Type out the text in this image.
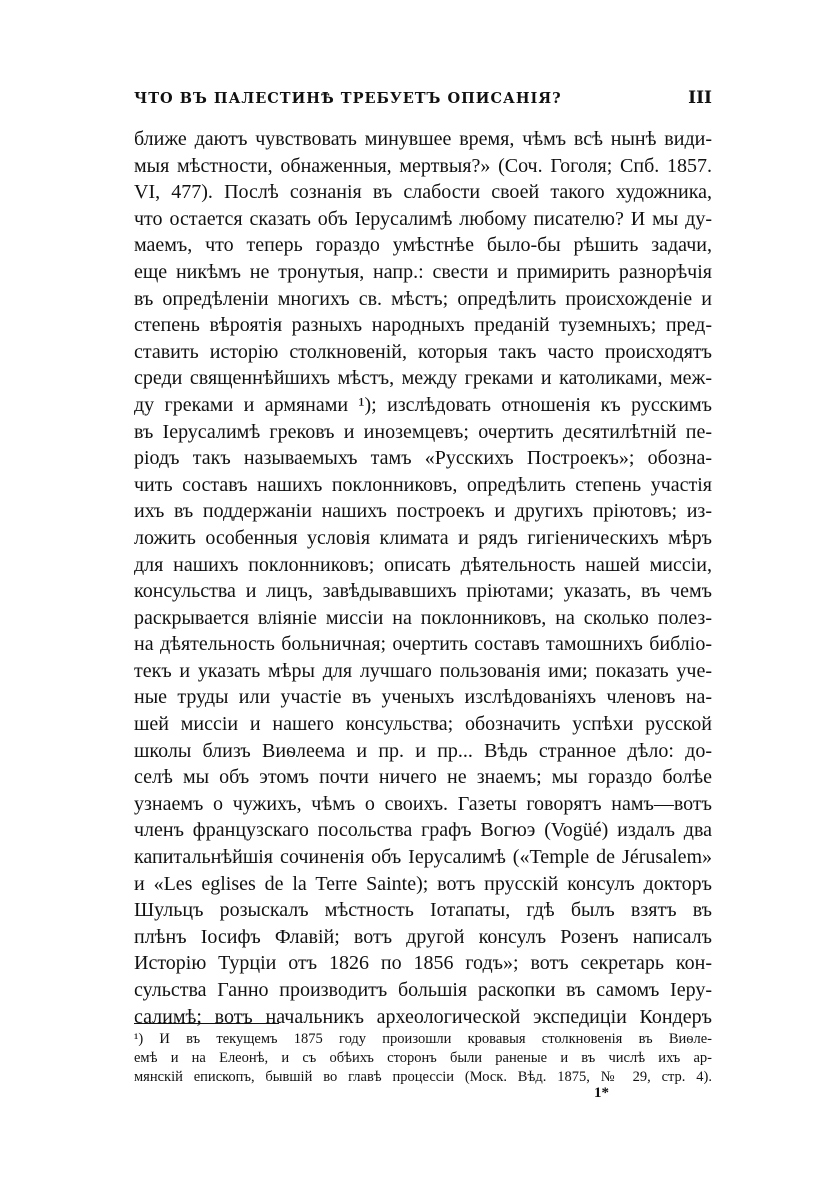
ЧТО ВЪ ПАЛЕСТИНѢ ТРЕБУЕТЪ ОПИСАНІЯ?	III
ближе даютъ чувствовать минувшее время, чѣмъ всѣ нынѣ види-
мыя мѣстности, обнаженныя, мертвыя?» (Соч. Гоголя; Спб. 1857.
VI, 477). Послѣ сознанія въ слабости своей такого художника,
что остается сказать объ Іерусалимѣ любому писателю? И мы ду-
маемъ, что теперь гораздо умѣстнѣе было-бы рѣшить задачи,
еще никѣмъ не тронутыя, напр.: свести и примирить разнорѣчія
въ опредѣленіи многихъ св. мѣстъ; опредѣлить происхожденіе и
степень вѣроятія разныхъ народныхъ преданій туземныхъ; пред-
ставить исторію столкновеній, которыя такъ часто происходятъ
среди священнѣйшихъ мѣстъ, между греками и католиками, меж-
ду греками и армянами ¹); изслѣдовать отношенія къ русскимъ
въ Іерусалимѣ грековъ и иноземцевъ; очертить десятилѣтній пе-
ріодъ такъ называемыхъ тамъ «Русскихъ Построекъ»; обозна-
чить составъ нашихъ поклонниковъ, опредѣлить степень участія
ихъ въ поддержаніи нашихъ построекъ и другихъ пріютовъ; из-
ложить особенныя условія климата и рядъ гигіеническихъ мѣръ
для нашихъ поклонниковъ; описать дѣятельность нашей миссіи,
консульства и лицъ, завѣдывавшихъ пріютами; указать, въ чемъ
раскрывается вліяніе миссіи на поклонниковъ, на сколько полез-
на дѣятельность больничная; очертить составъ тамошнихъ библіо-
текъ и указать мѣры для лучшаго пользованія ими; показать уче-
ные труды или участіе въ ученыхъ изслѣдованіяхъ членовъ на-
шей миссіи и нашего консульства; обозначить успѣхи русской
школы близъ Виѳлеема и пр. и пр... Вѣдь странное дѣло: до-
селѣ мы объ этомъ почти ничего не знаемъ; мы гораздо болѣе
узнаемъ о чужихъ, чѣмъ о своихъ. Газеты говорятъ намъ—вотъ
членъ французскаго посольства графъ Вогюэ (Vogüé) издалъ два
капитальнѣйшія сочиненія объ Іерусалимѣ («Temple de Jérusalem»
и «Les eglises de la Terre Sainte); вотъ прусскій консулъ докторъ
Шульцъ розыскалъ мѣстность Іотапаты, гдѣ былъ взятъ въ
плѣнъ Іосифъ Флавій; вотъ другой консулъ Розенъ написалъ
Исторію Турціи отъ 1826 по 1856 годъ»; вотъ секретарь кон-
сульства Ганно производитъ большія раскопки въ самомъ Іеру-
салимѣ; вотъ начальникъ археологической экспедиціи Кондеръ
¹) И въ текущемъ 1875 году произошли кровавыя столкновенія въ Виѳле-
емѣ и на Елеонѣ, и съ обѣихъ сторонъ были раненые и въ числѣ ихъ ар-
мянскій епископъ, бывшій во главѣ процессіи (Моск. Вѣд. 1875, № 29, стр. 4).
1*
